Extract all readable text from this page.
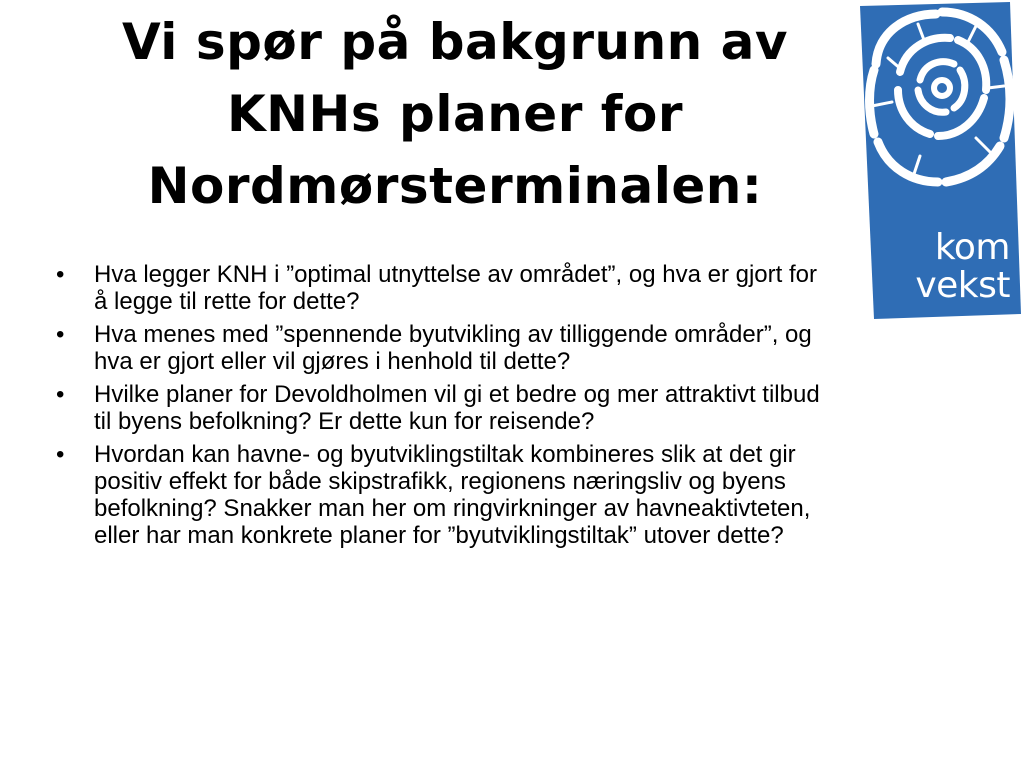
Vi spør på bakgrunn av KNHs planer for Nordmørsterminalen:
• Hva legger KNH i ”optimal utnyttelse av området”, og hva er gjort for å legge til rette for dette?
• Hva menes med ”spennende byutvikling av tilliggende områder”, og hva er gjort eller vil gjøres i henhold til dette?
• Hvilke planer for Devoldholmen vil gi et bedre og mer attraktivt tilbud til byens befolkning? Er dette kun for reisende?
• Hvordan kan havne- og byutviklingstiltak kombineres slik at det gir positiv effekt for både skipstrafikk, regionens næringsliv og byens befolkning? Snakker man her om ringvirkninger av havneaktivteten, eller har man konkrete planer for ”byutviklingstiltak” utover dette?
kom
vekst
